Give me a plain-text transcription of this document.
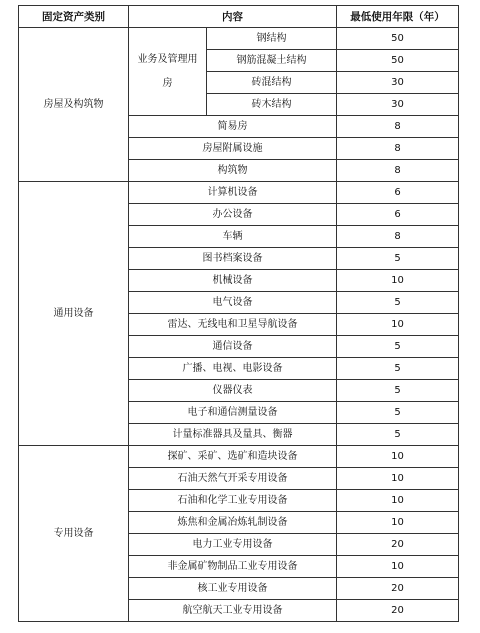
固定资产类别	内容		最低使用年限（年）
房屋及构筑物	业务及管理用房	钢结构	50
		钢筋混凝土结构	50
		砖混结构	30
		砖木结构	30
	简易房		8
	房屋附属设施		8
	构筑物		8
通用设备	计算机设备		6
	办公设备		6
	车辆		8
	图书档案设备		5
	机械设备		10
	电气设备		5
	雷达、无线电和卫星导航设备		10
	通信设备		5
	广播、电视、电影设备		5
	仪器仪表		5
	电子和通信测量设备		5
	计量标准器具及量具、衡器		5
专用设备	探矿、采矿、选矿和造块设备		10
	石油天然气开采专用设备		10
	石油和化学工业专用设备		10
	炼焦和金属冶炼轧制设备		10
	电力工业专用设备		20
	非金属矿物制品工业专用设备		10
	核工业专用设备		20
	航空航天工业专用设备		20
